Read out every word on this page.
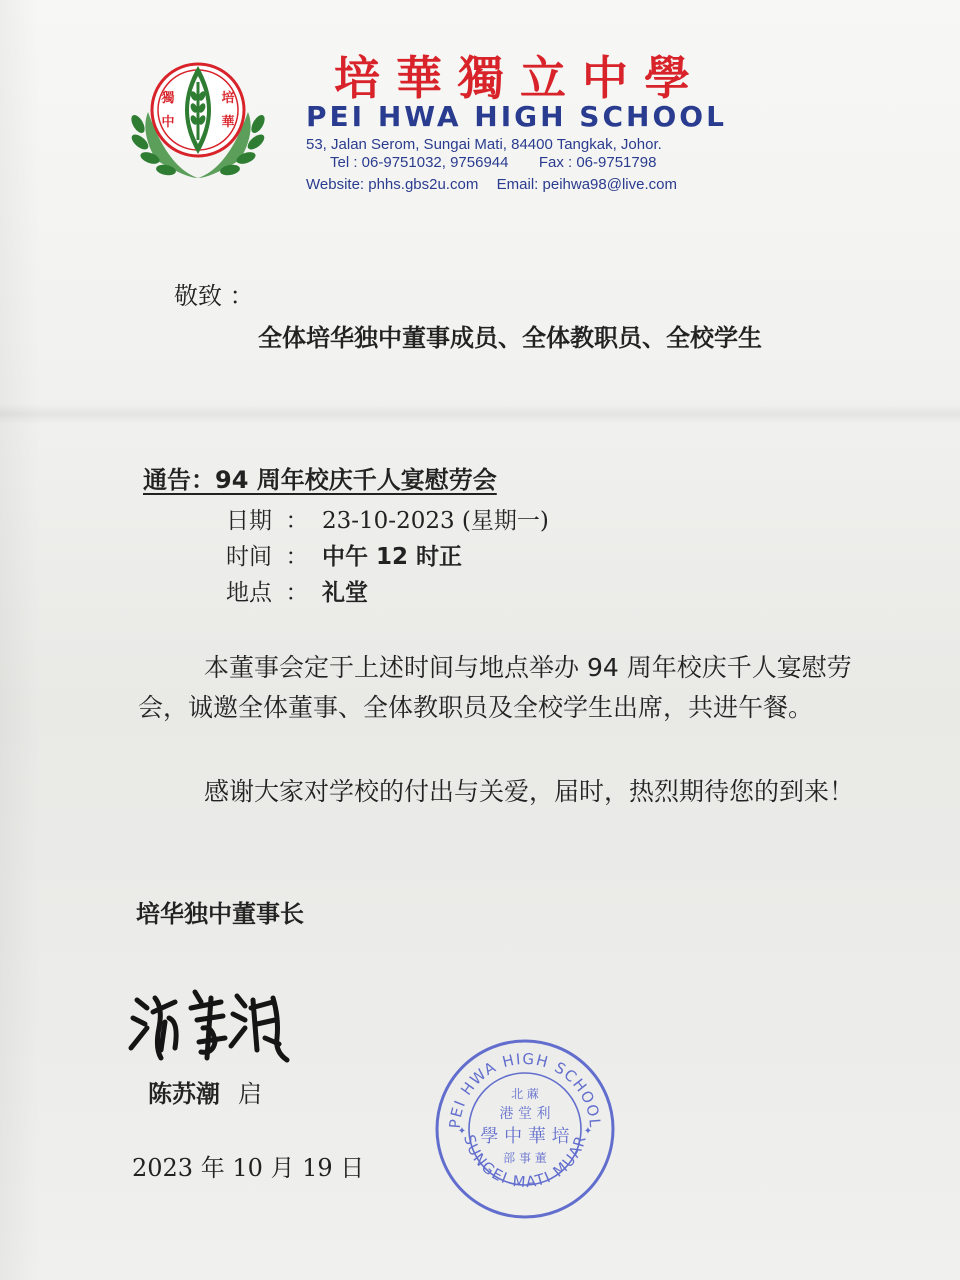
獨
中
培
華
培華獨立中學
PEI HWA HIGH SCHOOL
53, Jalan Serom, Sungai Mati, 84400 Tangkak, Johor.
Tel : 06-9751032, 9756944 Fax : 06-9751798
Website: phhs.gbs2u.com Email: peihwa98@live.com
敬致 ：
全体培华独中董事成员、全体教职员、全校学生
通告：94 周年校庆千人宴慰劳会
日期 ： 23-10-2023 (星期一)
时间 ： 中午 12 时正
地点 ： 礼堂
本董事会定于上述时间与地点举办 94 周年校庆千人宴慰劳会，诚邀全体董事、全体教职员及全校学生出席，共进午餐。
感谢大家对学校的付出与关爱，届时，热烈期待您的到来！
培华独中董事长
陈苏潮 启
2023 年 10 月 19 日
PEI HWA HIGH SCHOOL
SUNGEI MATI MUAR
✦	✦
北 蔴
港 堂 利
學 中 華 培
部 事 董
